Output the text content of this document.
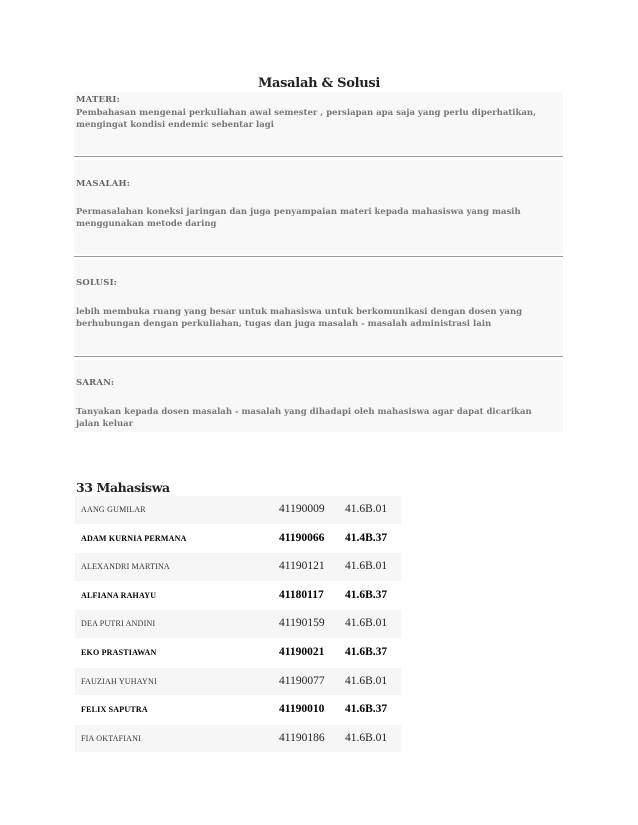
Masalah & Solusi
MATERI:
Pembahasan mengenai perkuliahan awal semester , persiapan apa saja yang perlu diperhatikan, mengingat kondisi endemic sebentar lagi
MASALAH:
Permasalahan koneksi jaringan dan juga penyampaian materi kepada mahasiswa yang masih menggunakan metode daring
SOLUSI:
lebih membuka ruang yang besar untuk mahasiswa untuk berkomunikasi dengan dosen yang berhubungan dengan perkuliahan, tugas dan juga masalah - masalah administrasi lain
SARAN:
Tanyakan kepada dosen masalah - masalah yang dihadapi oleh mahasiswa agar dapat dicarikan jalan keluar
33 Mahasiswa
AANG GUMILAR	41190009 41.6B.01
ADAM KURNIA PERMANA	41190066 41.4B.37
ALEXANDRI MARTINA	41190121 41.6B.01
ALFIANA RAHAYU	41180117 41.6B.37
DEA PUTRI ANDINI	41190159 41.6B.01
EKO PRASTIAWAN	41190021 41.6B.37
FAUZIAH YUHAYNI	41190077 41.6B.01
FELIX SAPUTRA	41190010 41.6B.37
FIA OKTAFIANI	41190186 41.6B.01
